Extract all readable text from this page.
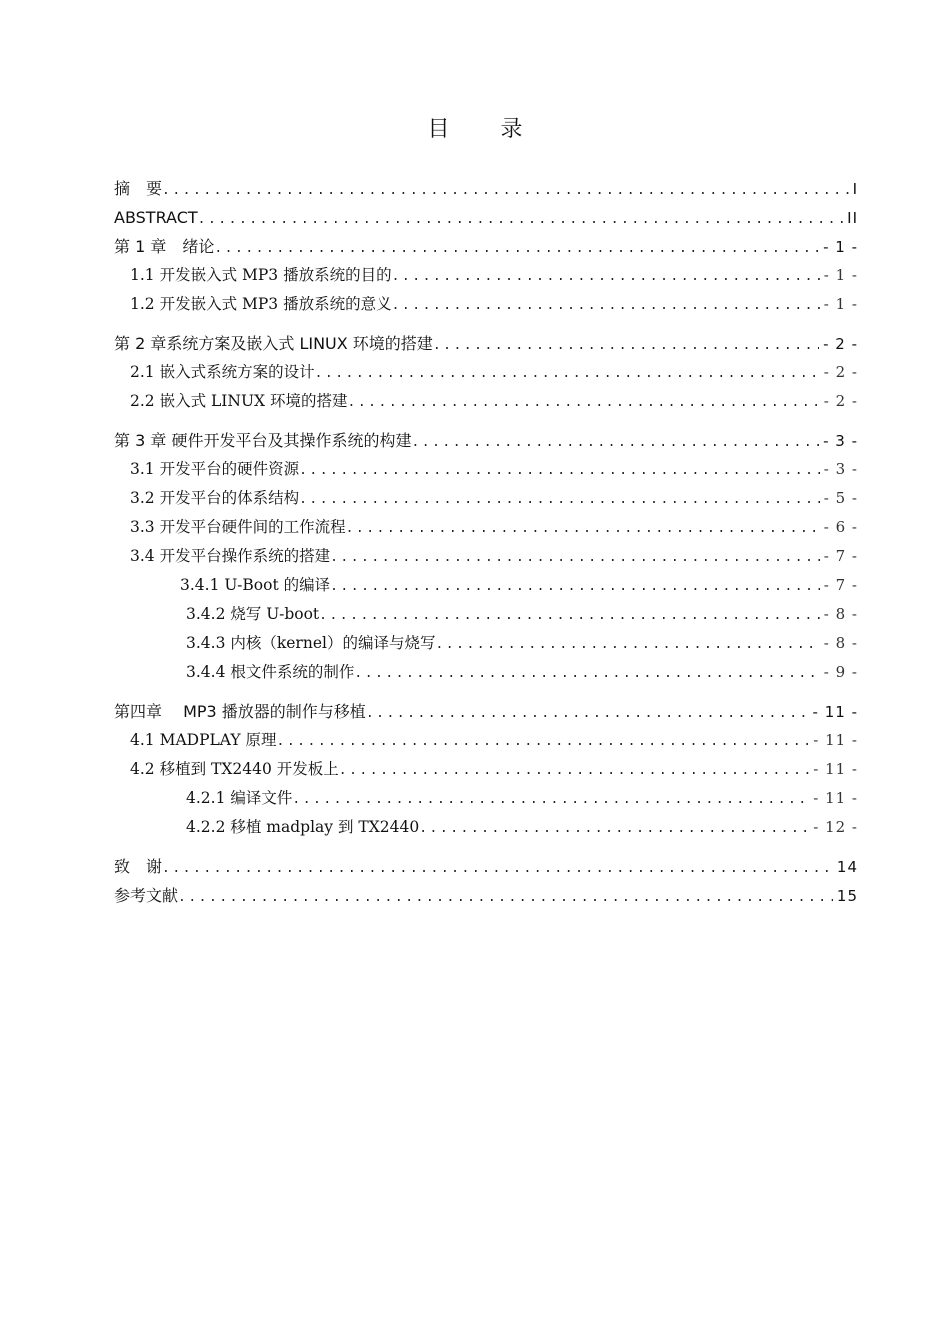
目 录
摘　要 .....	I
ABSTRACT .....	II
第 1 章　绪论 .....	- 1 -
1.1 开发嵌入式 MP3 播放系统的目的 .....	- 1 -
1.2 开发嵌入式 MP3 播放系统的意义 .....	- 1 -
第 2 章系统方案及嵌入式 LINUX 环境的搭建 .....	- 2 -
2.1 嵌入式系统方案的设计 .....	- 2 -
2.2 嵌入式 LINUX 环境的搭建 .....	- 2 -
第 3 章 硬件开发平台及其操作系统的构建 .....	- 3 -
3.1 开发平台的硬件资源 .....	- 3 -
3.2 开发平台的体系结构 .....	- 5 -
3.3 开发平台硬件间的工作流程 .....	- 6 -
3.4 开发平台操作系统的搭建 .....	- 7 -
3.4.1 U-Boot 的编译 .....	- 7 -
3.4.2 烧写 U-boot .....	- 8 -
3.4.3 内核（kernel）的编译与烧写 .....	- 8 -
3.4.4 根文件系统的制作 .....	- 9 -
第四章　 MP3 播放器的制作与移植 .....	- 11 -
4.1 MADPLAY 原理 .....	- 11 -
4.2 移植到 TX2440 开发板上 .....	- 11 -
4.2.1 编译文件 .....	- 11 -
4.2.2 移植 madplay 到 TX2440 .....	- 12 -
致　谢 .....	14
参考文献 .....	15
